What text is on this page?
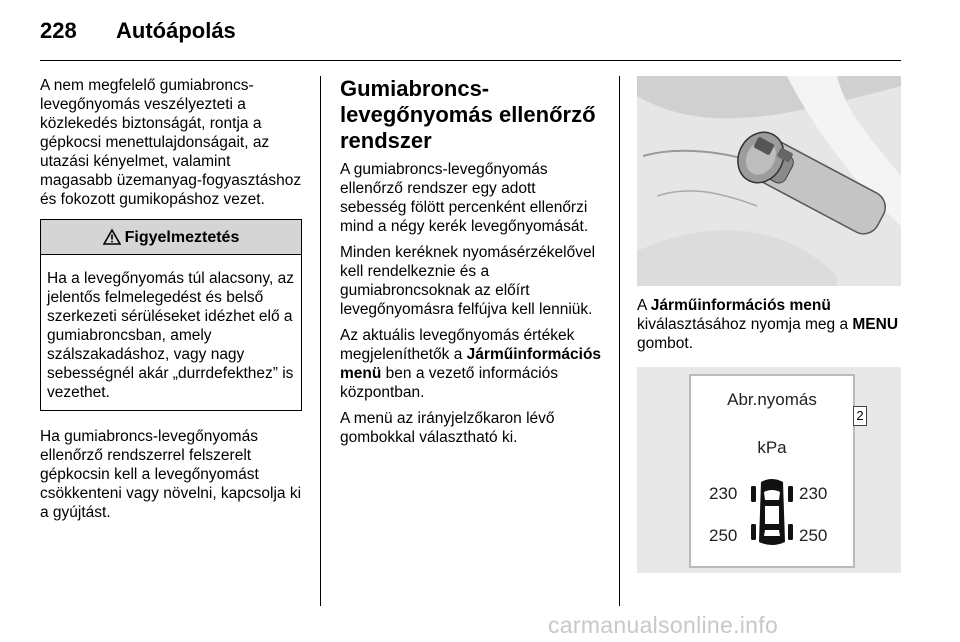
228 Autóápolás

A nem megfelelő gumiabroncs-levegőnyomás veszélyezteti a közlekedés biztonságát, rontja a gépkocsi menettulajdonságait, az utazási kényelmet, valamint magasabb üzemanyag-fogyasztáshoz és fokozott gumikopáshoz vezet.

Figyelmeztetés
Ha a levegőnyomás túl alacsony, az jelentős felmelegedést és belső szerkezeti sérüléseket idézhet elő a gumiabroncsban, amely szálszakadáshoz, vagy nagy sebességnél akár „durrdefekthez” is vezethet.

Ha gumiabroncs-levegőnyomás ellenőrző rendszerrel felszerelt gépkocsin kell a levegőnyomást csökkenteni vagy növelni, kapcsolja ki a gyújtást.

Gumiabroncs-levegőnyomás ellenőrző rendszer

A gumiabroncs-levegőnyomás ellenőrző rendszer egy adott sebesség fölött percenként ellenőrzi mind a négy kerék levegőnyomását.

Minden keréknek nyomásérzékelővel kell rendelkeznie és a gumiabroncsoknak az előírt levegőnyomásra felfújva kell lenniük.

Az aktuális levegőnyomás értékek megjeleníthetők a Járműinformációs menü ben a vezető információs központban.

A menü az irányjelzőkaron lévő gombokkal választható ki.

A Járműinformációs menü kiválasztásához nyomja meg a MENU gombot.

Abr.nyomás
2
kPa
230	230
250	250
carmanualsonline.info
